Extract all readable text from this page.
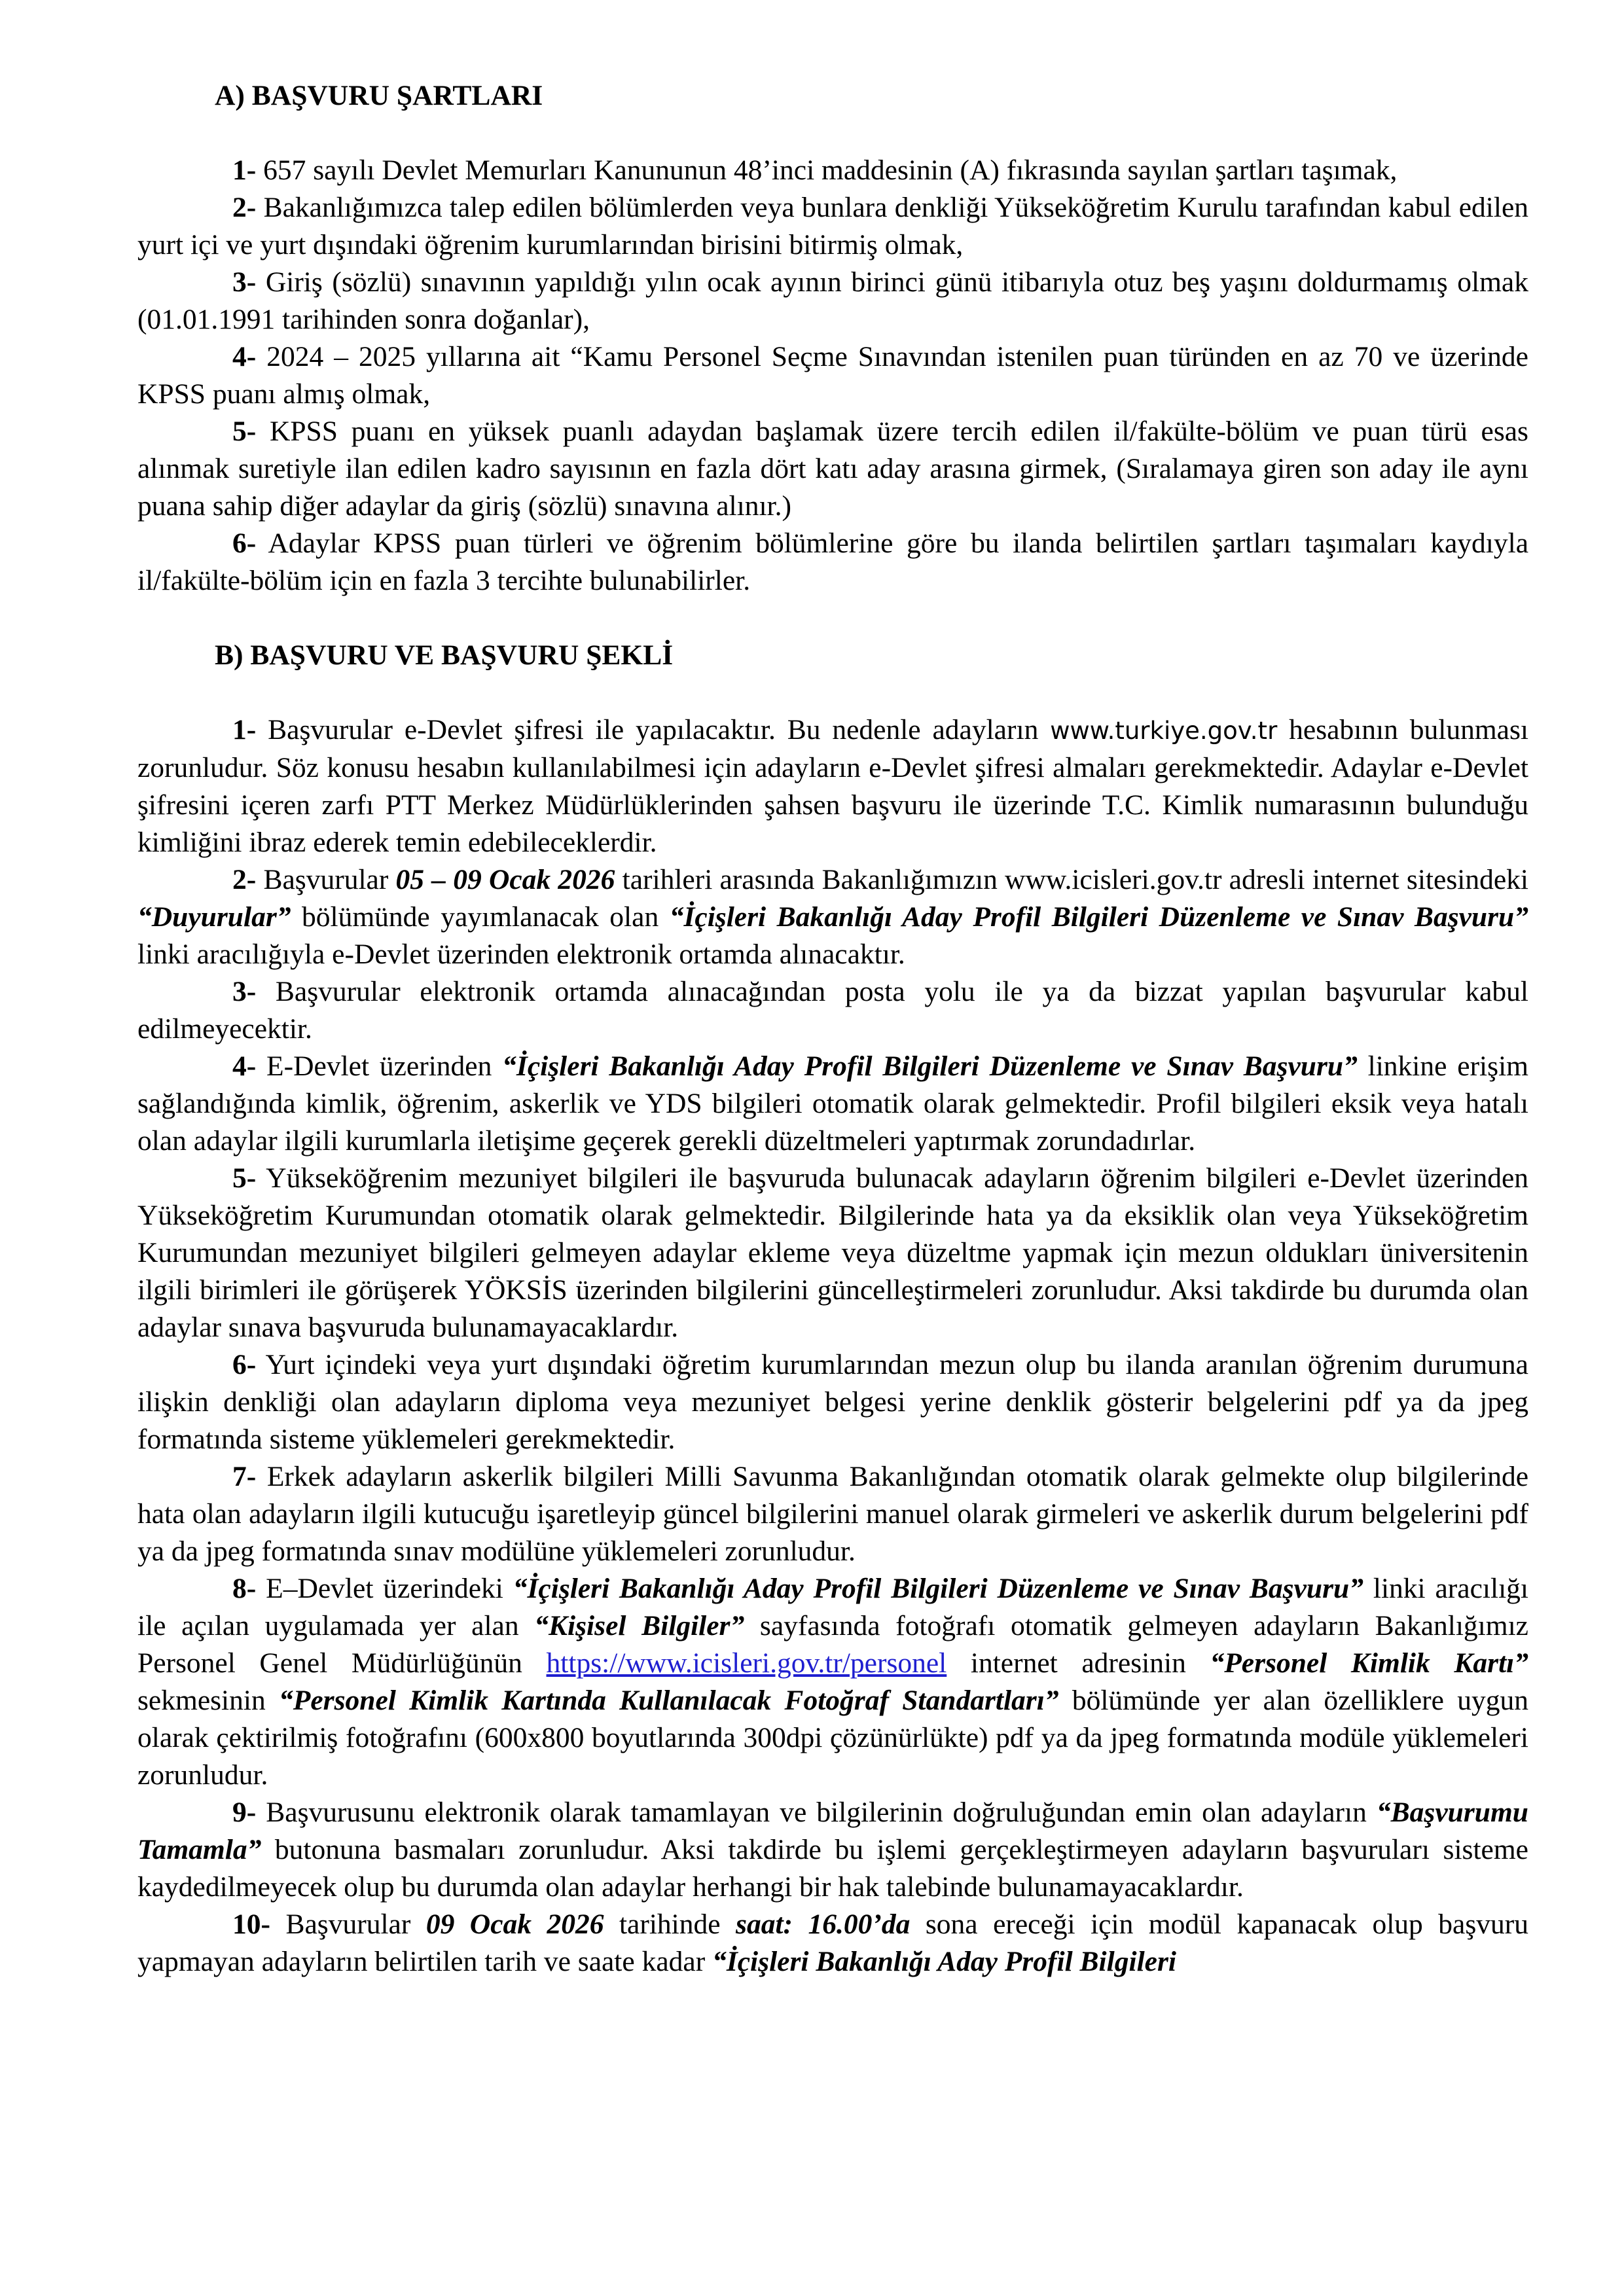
A) BAŞVURU ŞARTLARI

1- 657 sayılı Devlet Memurları Kanununun 48’inci maddesinin (A) fıkrasında sayılan şartları taşımak,

2- Bakanlığımızca talep edilen bölümlerden veya bunlara denkliği Yükseköğretim Kurulu tarafından kabul edilen yurt içi ve yurt dışındaki öğrenim kurumlarından birisini bitirmiş olmak,

3- Giriş (sözlü) sınavının yapıldığı yılın ocak ayının birinci günü itibarıyla otuz beş yaşını doldurmamış olmak (01.01.1991 tarihinden sonra doğanlar),

4- 2024 – 2025 yıllarına ait “Kamu Personel Seçme Sınavından istenilen puan türünden en az 70 ve üzerinde KPSS puanı almış olmak,

5- KPSS puanı en yüksek puanlı adaydan başlamak üzere tercih edilen il/fakülte-bölüm ve puan türü esas alınmak suretiyle ilan edilen kadro sayısının en fazla dört katı aday arasına girmek, (Sıralamaya giren son aday ile aynı puana sahip diğer adaylar da giriş (sözlü) sınavına alınır.)

6- Adaylar KPSS puan türleri ve öğrenim bölümlerine göre bu ilanda belirtilen şartları taşımaları kaydıyla il/fakülte-bölüm için en fazla 3 tercihte bulunabilirler.

B) BAŞVURU VE BAŞVURU ŞEKLİ

1- Başvurular e-Devlet şifresi ile yapılacaktır. Bu nedenle adayların www.turkiye.gov.tr hesabının bulunması zorunludur. Söz konusu hesabın kullanılabilmesi için adayların e-Devlet şifresi almaları gerekmektedir. Adaylar e-Devlet şifresini içeren zarfı PTT Merkez Müdürlüklerinden şahsen başvuru ile üzerinde T.C. Kimlik numarasının bulunduğu kimliğini ibraz ederek temin edebileceklerdir.

2- Başvurular 05 – 09 Ocak 2026 tarihleri arasında Bakanlığımızın www.icisleri.gov.tr adresli internet sitesindeki “Duyurular” bölümünde yayımlanacak olan “İçişleri Bakanlığı Aday Profil Bilgileri Düzenleme ve Sınav Başvuru” linki aracılığıyla e-Devlet üzerinden elektronik ortamda alınacaktır.

3- Başvurular elektronik ortamda alınacağından posta yolu ile ya da bizzat yapılan başvurular kabul edilmeyecektir.

4- E-Devlet üzerinden “İçişleri Bakanlığı Aday Profil Bilgileri Düzenleme ve Sınav Başvuru” linkine erişim sağlandığında kimlik, öğrenim, askerlik ve YDS bilgileri otomatik olarak gelmektedir. Profil bilgileri eksik veya hatalı olan adaylar ilgili kurumlarla iletişime geçerek gerekli düzeltmeleri yaptırmak zorundadırlar.

5- Yükseköğrenim mezuniyet bilgileri ile başvuruda bulunacak adayların öğrenim bilgileri e-Devlet üzerinden Yükseköğretim Kurumundan otomatik olarak gelmektedir. Bilgilerinde hata ya da eksiklik olan veya Yükseköğretim Kurumundan mezuniyet bilgileri gelmeyen adaylar ekleme veya düzeltme yapmak için mezun oldukları üniversitenin ilgili birimleri ile görüşerek YÖKSİS üzerinden bilgilerini güncelleştirmeleri zorunludur. Aksi takdirde bu durumda olan adaylar sınava başvuruda bulunamayacaklardır.

6- Yurt içindeki veya yurt dışındaki öğretim kurumlarından mezun olup bu ilanda aranılan öğrenim durumuna ilişkin denkliği olan adayların diploma veya mezuniyet belgesi yerine denklik gösterir belgelerini pdf ya da jpeg formatında sisteme yüklemeleri gerekmektedir.

7- Erkek adayların askerlik bilgileri Milli Savunma Bakanlığından otomatik olarak gelmekte olup bilgilerinde hata olan adayların ilgili kutucuğu işaretleyip güncel bilgilerini manuel olarak girmeleri ve askerlik durum belgelerini pdf ya da jpeg formatında sınav modülüne yüklemeleri zorunludur.

8- E–Devlet üzerindeki “İçişleri Bakanlığı Aday Profil Bilgileri Düzenleme ve Sınav Başvuru” linki aracılığı ile açılan uygulamada yer alan “Kişisel Bilgiler” sayfasında fotoğrafı otomatik gelmeyen adayların Bakanlığımız Personel Genel Müdürlüğünün https://www.icisleri.gov.tr/personel internet adresinin “Personel Kimlik Kartı” sekmesinin “Personel Kimlik Kartında Kullanılacak Fotoğraf Standartları” bölümünde yer alan özelliklere uygun olarak çektirilmiş fotoğrafını (600x800 boyutlarında 300dpi çözünürlükte) pdf ya da jpeg formatında modüle yüklemeleri zorunludur.

9- Başvurusunu elektronik olarak tamamlayan ve bilgilerinin doğruluğundan emin olan adayların “Başvurumu Tamamla” butonuna basmaları zorunludur. Aksi takdirde bu işlemi gerçekleştirmeyen adayların başvuruları sisteme kaydedilmeyecek olup bu durumda olan adaylar herhangi bir hak talebinde bulunamayacaklardır.

10- Başvurular 09 Ocak 2026 tarihinde saat: 16.00’da sona ereceği için modül kapanacak olup başvuru yapmayan adayların belirtilen tarih ve saate kadar “İçişleri Bakanlığı Aday Profil Bilgileri
